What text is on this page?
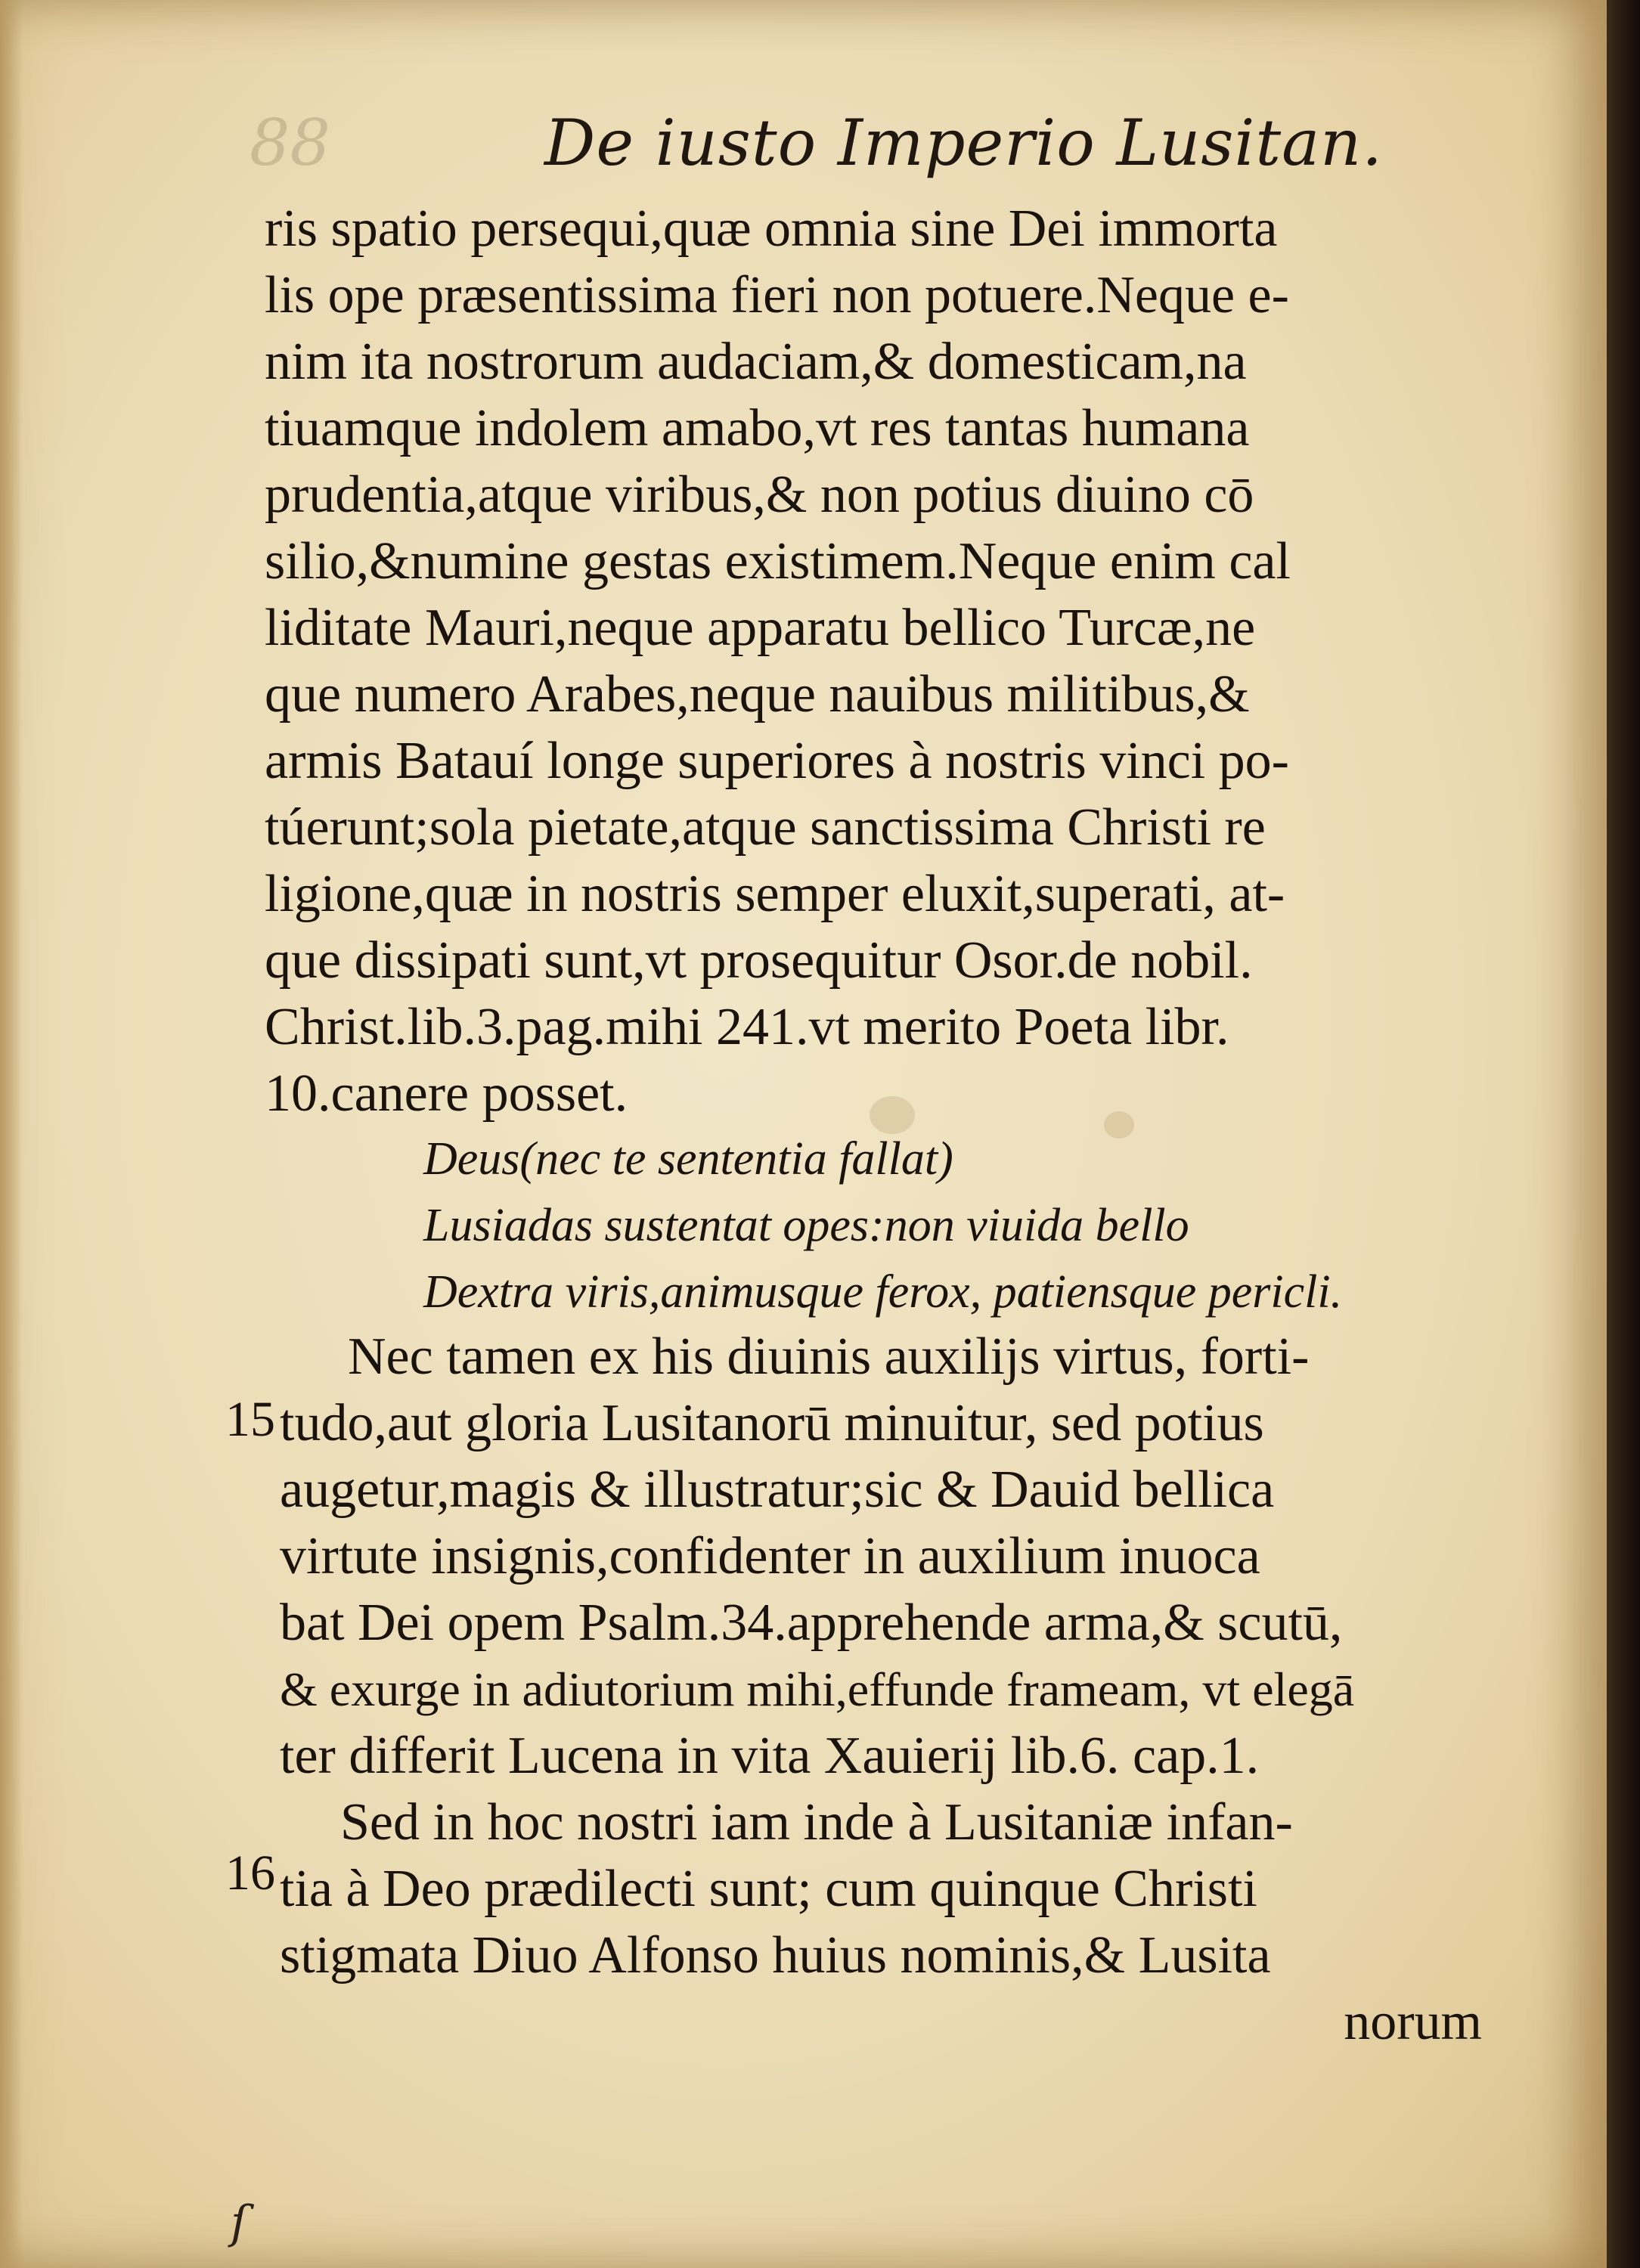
88	De iusto Imperio Lusitan.
ris spatio persequi,quæ omnia sine Dei immorta
lis ope præsentissima fieri non potuere.Neque e-
nim ita nostrorum audaciam,& domesticam,na
tiuamque indolem amabo,vt res tantas humana
prudentia,atque viribus,& non potius diuino cō
silio,&numine gestas existimem.Neque enim cal
liditate Mauri,neque apparatu bellico Turcæ,ne
que numero Arabes,neque nauibus militibus,&
armis Batauí longe superiores à nostris vinci po-
túerunt;sola pietate,atque sanctissima Christi re
ligione,quæ in nostris semper eluxit,superati, at-
que dissipati sunt,vt prosequitur Osor.de nobil.
Christ.lib.3.pag.mihi 241.vt merito Poeta libr.
10.canere posset.
Deus(nec te sententia fallat)
Lusiadas sustentat opes:non viuida bello
Dextra viris,animusque ferox, patiensque pericli.
Nec tamen ex his diuinis auxilijs virtus, forti-
tudo,aut gloria Lusitanorū minuitur, sed potius
augetur,magis & illustratur;sic & Dauid bellica
virtute insignis,confidenter in auxilium inuoca
bat Dei opem Psalm.34.apprehende arma,& scutū,
& exurge in adiutorium mihi,effunde frameam, vt elegā
ter differit Lucena in vita Xauierij lib.6. cap.1.
Sed in hoc nostri iam inde à Lusitaniæ infan-
tia à Deo prædilecti sunt; cum quinque Christi
stigmata Diuo Alfonso huius nominis,& Lusita
norum
15
16
ſ
